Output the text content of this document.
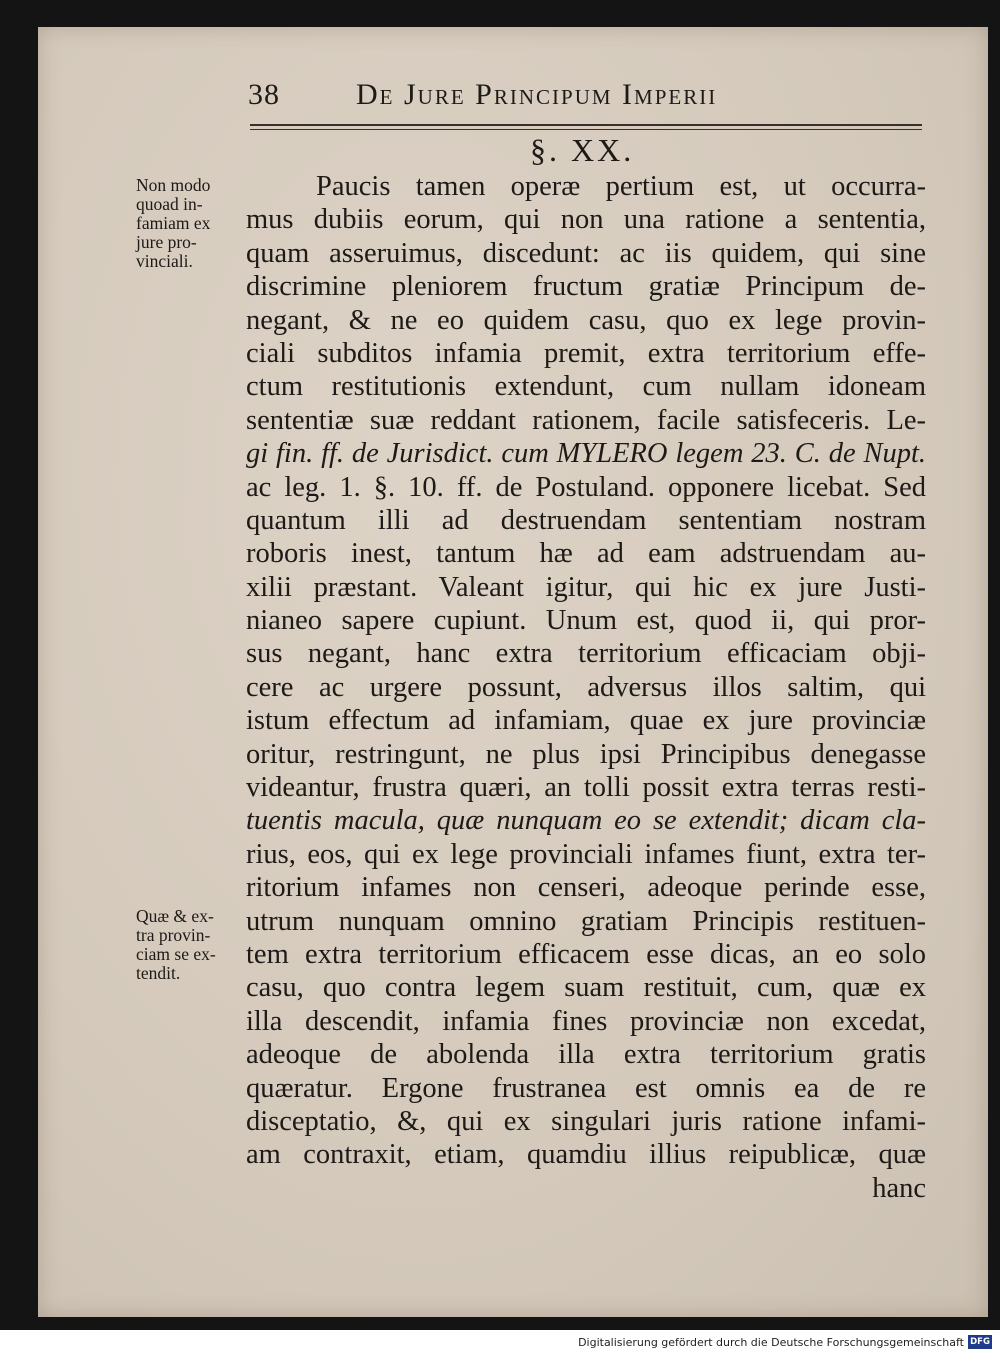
38	De Jure Principum Imperii
§. XX.
Non modo
quoad in-
famiam ex
jure pro-
vinciali.
Quæ & ex-
tra provin-
ciam se ex-
tendit.
Paucis tamen operæ pertium est, ut occurra-
mus dubiis eorum, qui non una ratione a sententia,
quam asseruimus, discedunt: ac iis quidem, qui sine
discrimine pleniorem fructum gratiæ Principum de-
negant, & ne eo quidem casu, quo ex lege provin-
ciali subditos infamia premit, extra territorium effe-
ctum restitutionis extendunt, cum nullam idoneam
sententiæ suæ reddant rationem, facile satisfeceris. Le-
gi fin. ff. de Jurisdict. cum MYLERO legem 23. C. de Nupt.
ac leg. 1. §. 10. ff. de Postuland. opponere licebat. Sed
quantum illi ad destruendam sententiam nostram
roboris inest, tantum hæ ad eam adstruendam au-
xilii præstant. Valeant igitur, qui hic ex jure Justi-
nianeo sapere cupiunt. Unum est, quod ii, qui pror-
sus negant, hanc extra territorium efficaciam obji-
cere ac urgere possunt, adversus illos saltim, qui
istum effectum ad infamiam, quae ex jure provinciæ
oritur, restringunt, ne plus ipsi Principibus denegasse
videantur, frustra quæri, an tolli possit extra terras resti-
tuentis macula, quæ nunquam eo se extendit; dicam cla-
rius, eos, qui ex lege provinciali infames fiunt, extra ter-
ritorium infames non censeri, adeoque perinde esse,
utrum nunquam omnino gratiam Principis restituen-
tem extra territorium efficacem esse dicas, an eo solo
casu, quo contra legem suam restituit, cum, quæ ex
illa descendit, infamia fines provinciæ non excedat,
adeoque de abolenda illa extra territorium gratis
quæratur. Ergone frustranea est omnis ea de re
disceptatio, &, qui ex singulari juris ratione infami-
am contraxit, etiam, quamdiu illius reipublicæ, quæ
hanc
Digitalisierung gefördert durch die Deutsche Forschungsgemeinschaft DFG
